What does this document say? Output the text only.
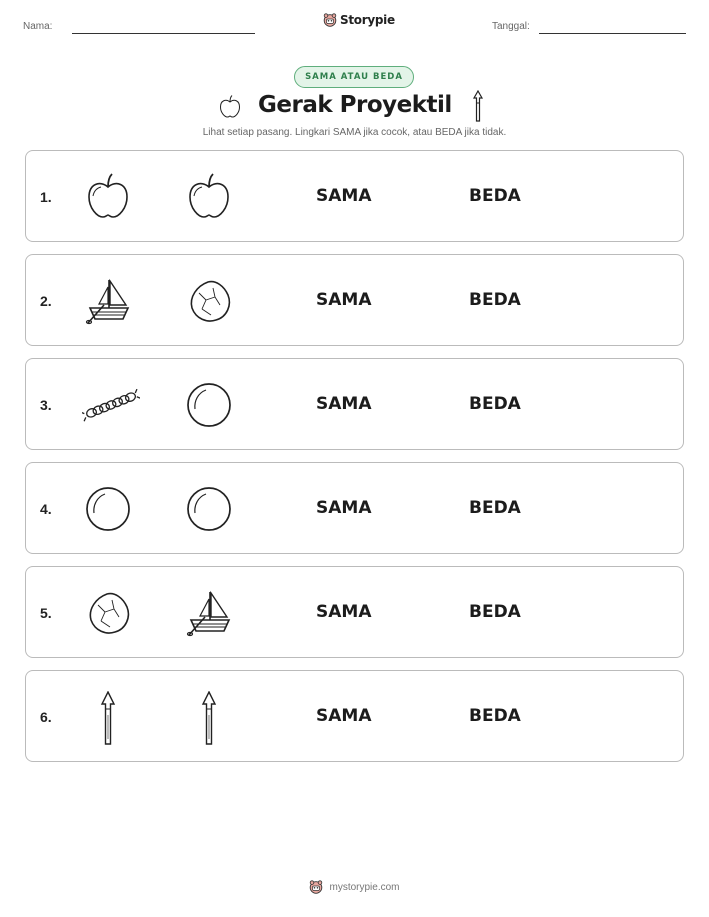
Nama:	Storypie	Tanggal:
SAMA ATAU BEDA
Gerak Proyektil
Lihat setiap pasang. Lingkari SAMA jika cocok, atau BEDA jika tidak.
1.	SAMA	BEDA
2.	SAMA	BEDA
3.	SAMA	BEDA
4.	SAMA	BEDA
5.	SAMA	BEDA
6.	SAMA	BEDA
mystorypie.com
